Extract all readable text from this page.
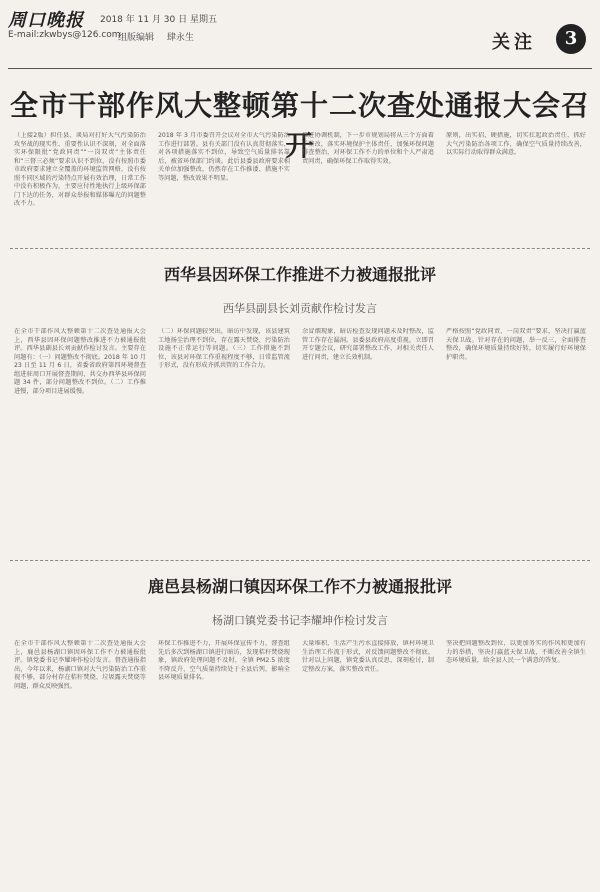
周口晚报
E-mail:zkwbys@126.com
2018 年 11 月 30 日 星期五
组版编辑 肆永生	关注	3
全市干部作风大整顿第十二次查处通报大会召开
（上接2版）担任县、谈局对打好大气污染防治攻坚战的现实性、重要性认识不深刻，对全面落实环保限批“党政同责”“一岗双责”主体责任和“三督三必须”要求认识不到位，没有按照市委市政府要求建立全覆盖的环境监管网格，没有按照不同区域的污染特点开展有效治理，日常工作中没有积极作为，主要应付性地执行上级环保部门下达的任务，对群众举报和媒体曝光的问题整改不力。
2018 年 3 月市委召开会议对全市大气污染防治工作进行部署。县有关部门没有认真贯彻落实，对各项措施落实不到位，导致空气质量排名靠后，被省环保部门约谈。此后县委县政府要求相关单位加强整改，仍然存在工作推诿、措施不实等问题，整改效果不明显。
推进协调机制，下一步市规划局将从三个方面着手整改，落实环境保护主体责任，加强环保问题排查整治，对环保工作不力的单位和个人严肃追责问责，确保环保工作取得实效。
原则，出实招、硬措施，切实扛起政治责任，抓好大气污染防治各项工作，确保空气质量持续改善，以实际行动取得群众满意。
西华县因环保工作推进不力被通报批评
西华县副县长刘贡献作检讨发言
在全市干部作风大整顿第十二次查处通报大会上，西华县因环保问题整改推进不力被通报批评。西华县副县长刘贡献作检讨发言。主要存在问题有：（一）问题整改不彻底。2018 年 10 月 23 日至 11 月 6 日，省委省政府第四环境督查组进驻周口开展督查期间，共交办西华县环保问题 34 件，部分问题整改不到位。（二）工作推进慢，部分项目进展缓慢。
（二）环保问题较突出，暗访中发现，该县建筑工地扬尘治理不到位，存在露天焚烧、污染防治设施不正常运行等问题。（三）工作措施不到位，该县对环保工作重视程度不够，日常监管流于形式，没有形成齐抓共管的工作合力。
余冒烟现象，暗访检查发现问题未及时整改，监管工作存在漏洞。县委县政府高度重视，立即召开专题会议，研究部署整改工作，对相关责任人进行问责，建立长效机制。
严格按照“党政同责、一岗双责”要求，坚决打赢蓝天保卫战。针对存在的问题，举一反三，全面排查整改，确保环境质量持续好转，切实履行好环境保护职责。
鹿邑县杨湖口镇因环保工作不力被通报批评
杨湖口镇党委书记李耀坤作检讨发言
在全市干部作风大整顿第十二次查处通报大会上，鹿邑县杨湖口镇因环保工作不力被通报批评。镇党委书记李耀坤作检讨发言。督查通报指出，今年以来，杨湖口镇对大气污染防治工作重视不够，部分村存在秸秆焚烧、垃圾露天焚烧等问题，群众反映强烈。
环保工作推进不力，开展环保宣传不力，督查组先后多次到杨湖口镇进行暗访，发现秸秆焚烧现象，镇政府处理问题不及时，全镇 PM2.5 浓度不降反升，空气质量持续处于全县后列，影响全县环境质量排名。
大量堆积，生活产生污水直接排放，镇村环境卫生治理工作流于形式，对反馈问题整改不彻底。针对以上问题，镇党委认真反思，深刻检讨，制定整改方案，落实整改责任。
坚决把问题整改到位，以更加务实的作风和更加有力的举措，坚决打赢蓝天保卫战，不断改善全镇生态环境质量，给全县人民一个满意的答复。
